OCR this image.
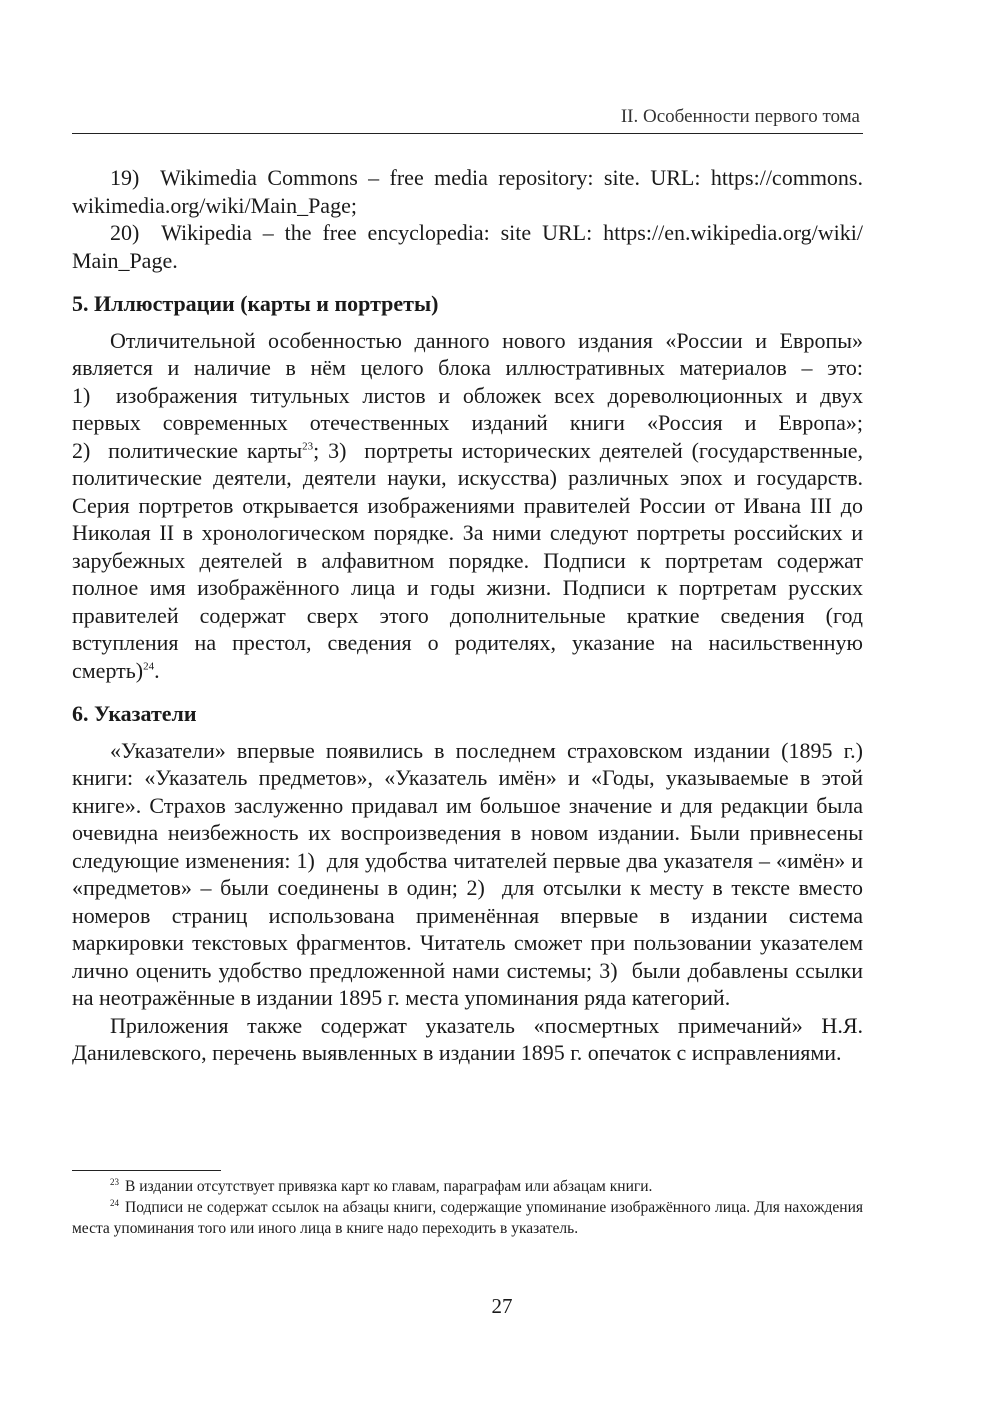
II. Особенности первого тома

19)  Wikimedia Commons – free media repository: site. URL: https://commons. wikimedia.org/wiki/Main_Page;

20)  Wikipedia – the free encyclopedia: site URL: https://en.wikipedia.org/wiki/ Main_Page.

5. Иллюстрации (карты и портреты)

Отличительной особенностью данного нового издания «России и Европы» является и наличие в нём целого блока иллюстративных материалов – это: 1)  изображения титульных листов и обложек всех дореволюционных и двух первых современных отечественных изданий книги «Россия и Европа»; 2)  политические карты$^{23}$; 3)  портреты исторических деятелей (государственные, политические деятели, деятели науки, искусства) различных эпох и государств. Серия портретов открывается изображениями правителей России от Ивана III до Николая II в хронологическом порядке. За ними следуют портреты российских и зарубежных деятелей в алфавитном порядке. Подписи к портретам содержат полное имя изображённого лица и годы жизни. Подписи к портретам русских правителей содержат сверх этого дополнительные краткие сведения (год вступления на престол, сведения о родителях, указание на насильственную смерть)$^{24}$.

6. Указатели

«Указатели» впервые появились в последнем страховском издании (1895 г.) книги: «Указатель предметов», «Указатель имён» и «Годы, указываемые в этой книге». Страхов заслуженно придавал им большое значение и для редакции была очевидна неизбежность их воспроизведения в новом издании. Были привнесены следующие изменения: 1)  для удобства читателей первые два указателя – «имён» и «предметов» – были соединены в один; 2)  для отсылки к месту в тексте вместо номеров страниц использована применённая впервые в издании система маркировки текстовых фрагментов. Читатель сможет при пользовании указателем лично оценить удобство предложенной нами системы; 3)  были добавлены ссылки на неотражённые в издании 1895 г. места упоминания ряда категорий.

Приложения также содержат указатель «посмертных примечаний» Н.Я. Данилевского, перечень выявленных в издании 1895 г. опечаток с исправлениями.

$^{23}$ В издании отсутствует привязка карт ко главам, параграфам или абзацам книги.

$^{24}$ Подписи не содержат ссылок на абзацы книги, содержащие упоминание изображённого лица. Для нахождения места упоминания того или иного лица в книге надо переходить в указатель.

27
